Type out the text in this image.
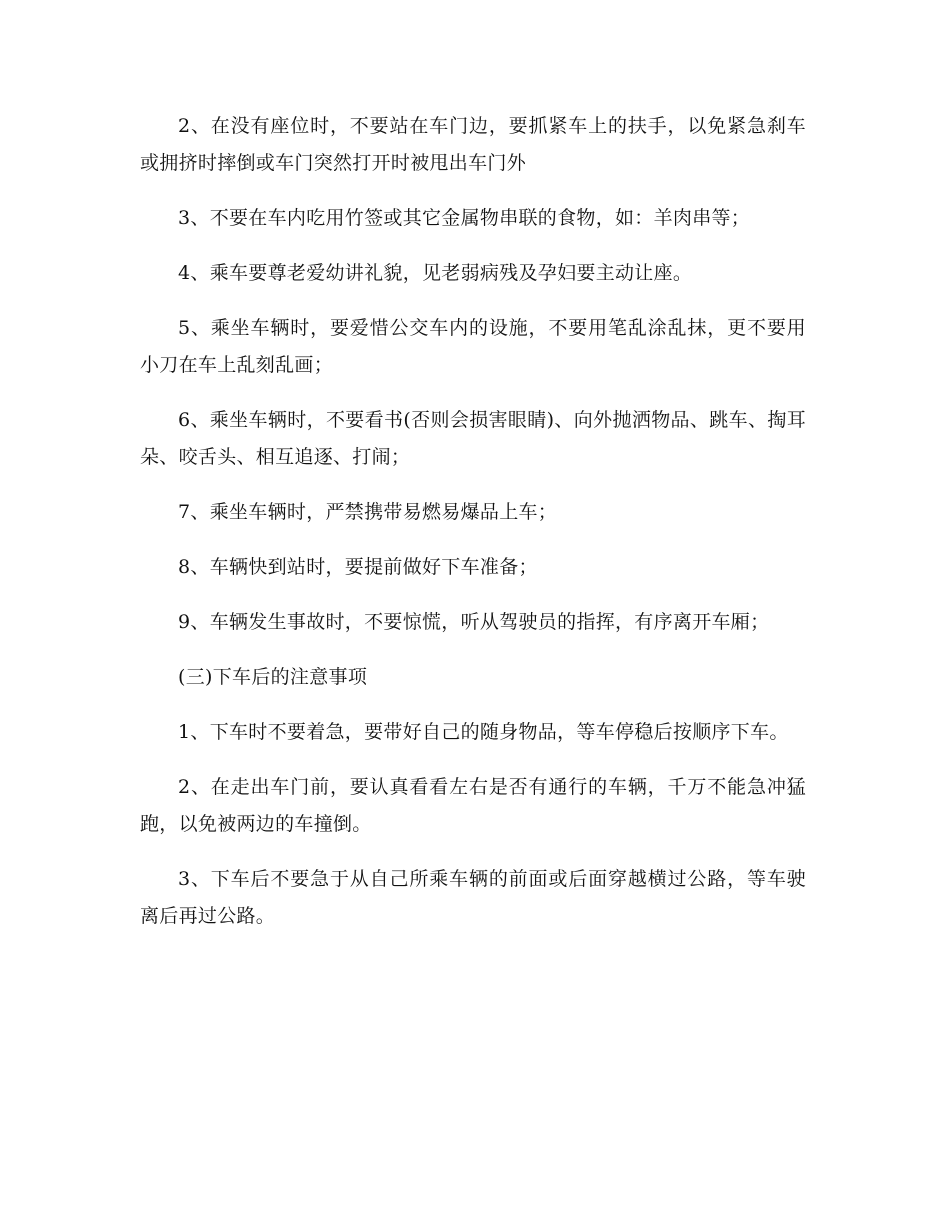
2、在没有座位时，不要站在车门边，要抓紧车上的扶手，以免紧急刹车或拥挤时摔倒或车门突然打开时被甩出车门外

3、不要在车内吃用竹签或其它金属物串联的食物，如：羊肉串等；

4、乘车要尊老爱幼讲礼貌，见老弱病残及孕妇要主动让座。

5、乘坐车辆时，要爱惜公交车内的设施，不要用笔乱涂乱抹，更不要用小刀在车上乱刻乱画；

6、乘坐车辆时，不要看书(否则会损害眼睛)、向外抛洒物品、跳车、掏耳朵、咬舌头、相互追逐、打闹；

7、乘坐车辆时，严禁携带易燃易爆品上车；

8、车辆快到站时，要提前做好下车准备；

9、车辆发生事故时，不要惊慌，听从驾驶员的指挥，有序离开车厢；

(三)下车后的注意事项

1、下车时不要着急，要带好自己的随身物品，等车停稳后按顺序下车。

2、在走出车门前，要认真看看左右是否有通行的车辆，千万不能急冲猛跑，以免被两边的车撞倒。

3、下车后不要急于从自己所乘车辆的前面或后面穿越横过公路，等车驶离后再过公路。
